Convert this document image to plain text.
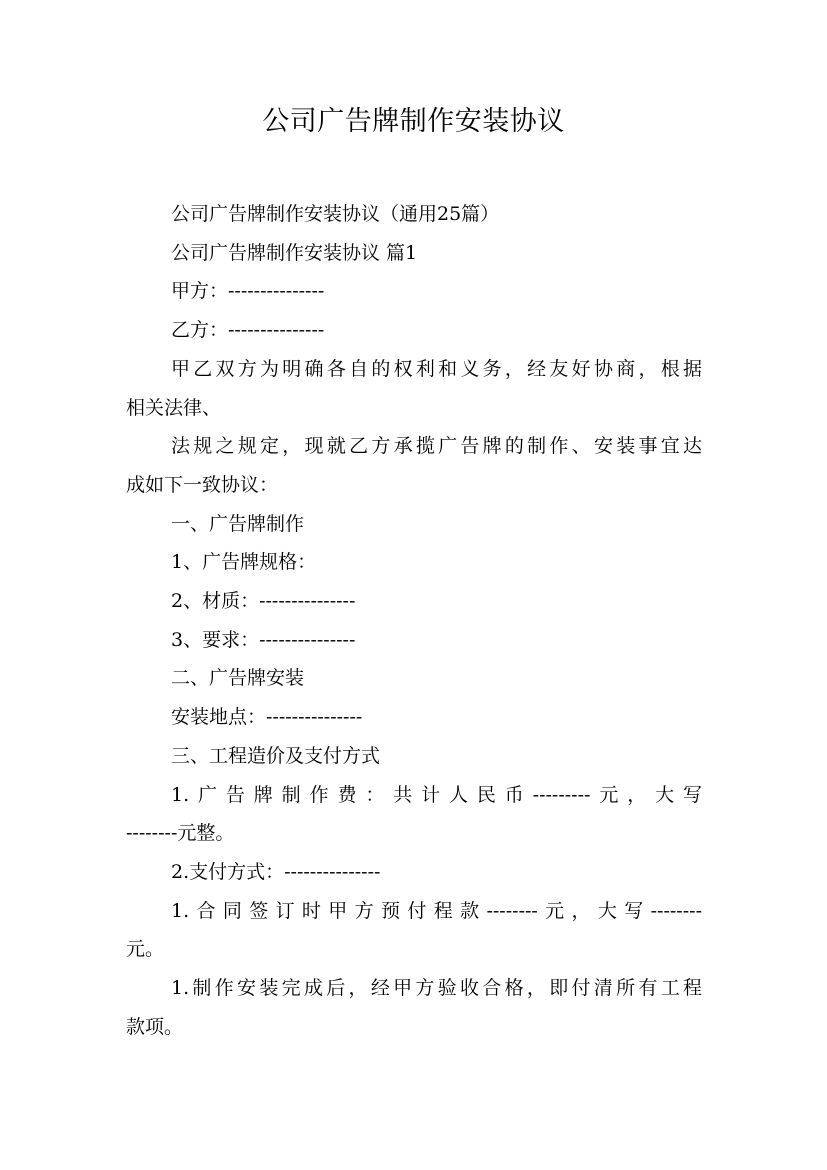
公司广告牌制作安装协议

公司广告牌制作安装协议（通用25篇）

公司广告牌制作安装协议 篇1

甲方：---------------

乙方：---------------

甲乙双方为明确各自的权利和义务，经友好协商，根据
相关法律、

法规之规定，现就乙方承揽广告牌的制作、安装事宜达
成如下一致协议：

一、广告牌制作

1、广告牌规格：

2、材质：---------------

3、要求：---------------

二、广告牌安装

安装地点：---------------

三、工程造价及支付方式

1.广告牌制作费：共计人民币---------元，大写
--------元整。

2.支付方式：---------------

1.合同签订时甲方预付程款--------元，大写--------
元。

1.制作安装完成后，经甲方验收合格，即付清所有工程
款项。
